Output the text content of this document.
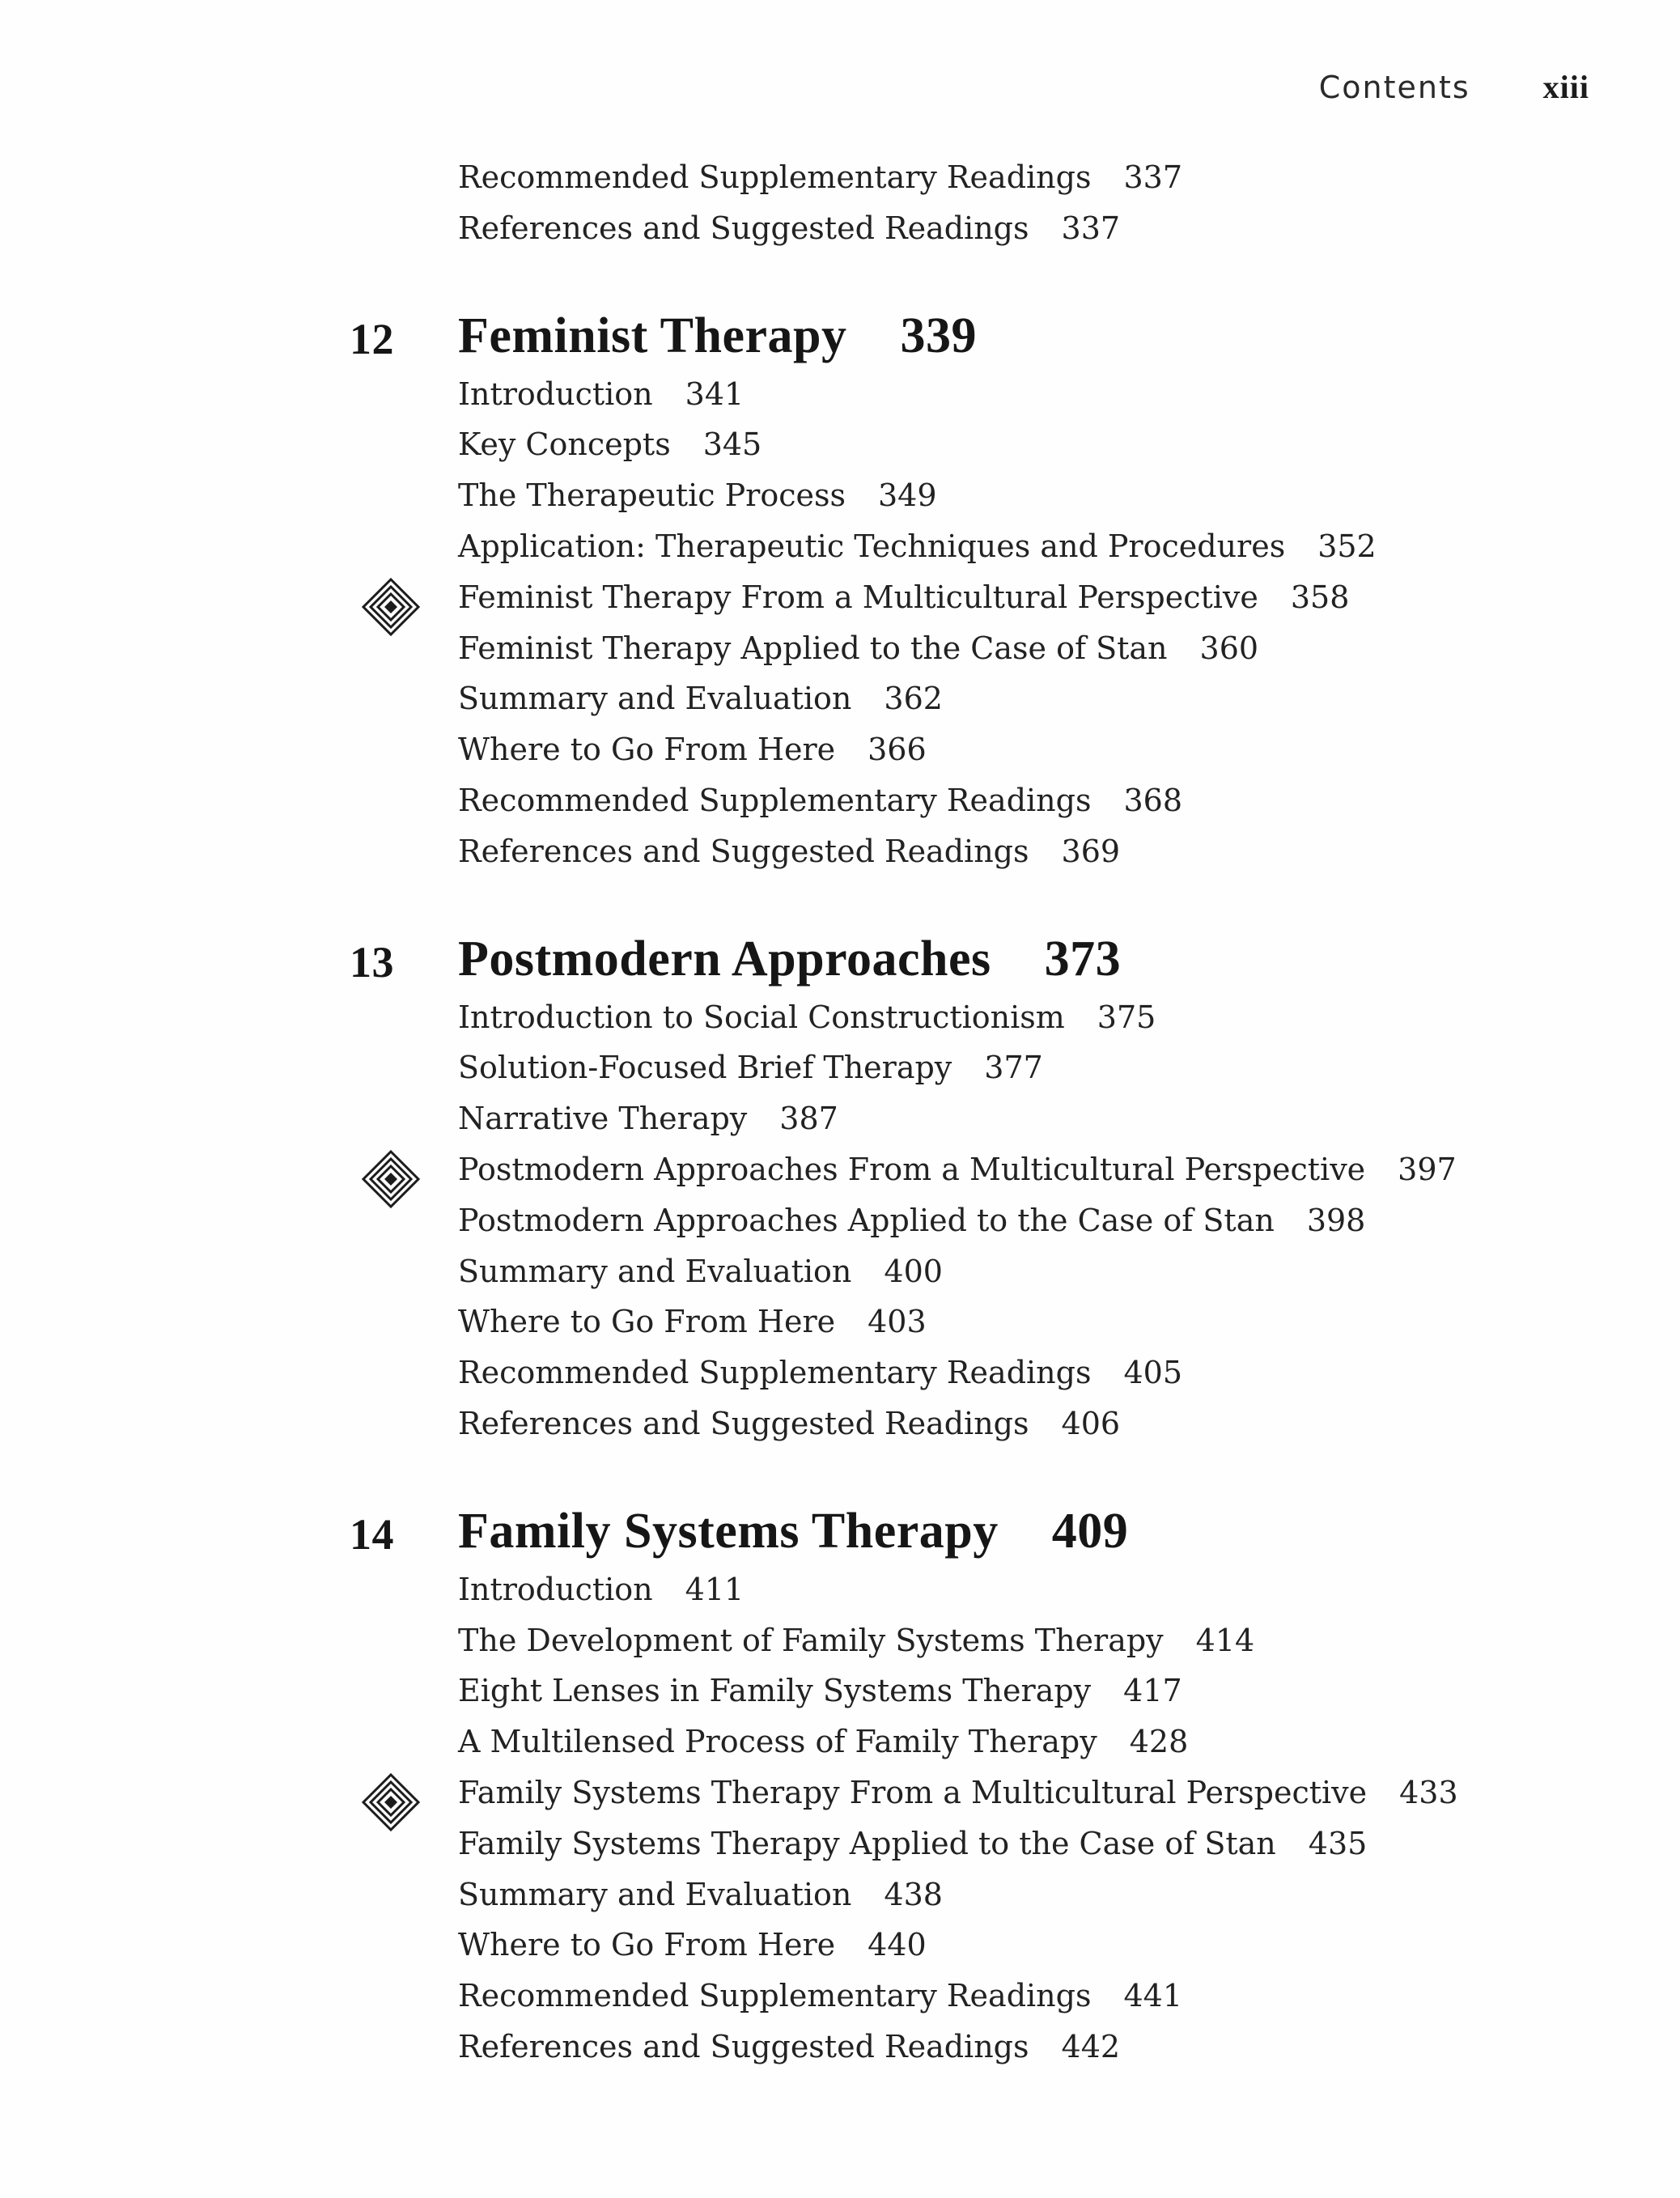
Contents xiii
Recommended Supplementary Readings 337
References and Suggested Readings 337
12 Feminist Therapy 339
Introduction 341
Key Concepts 345
The Therapeutic Process 349
Application: Therapeutic Techniques and Procedures 352
Feminist Therapy From a Multicultural Perspective 358
Feminist Therapy Applied to the Case of Stan 360
Summary and Evaluation 362
Where to Go From Here 366
Recommended Supplementary Readings 368
References and Suggested Readings 369
13 Postmodern Approaches 373
Introduction to Social Constructionism 375
Solution-Focused Brief Therapy 377
Narrative Therapy 387
Postmodern Approaches From a Multicultural Perspective 397
Postmodern Approaches Applied to the Case of Stan 398
Summary and Evaluation 400
Where to Go From Here 403
Recommended Supplementary Readings 405
References and Suggested Readings 406
14 Family Systems Therapy 409
Introduction 411
The Development of Family Systems Therapy 414
Eight Lenses in Family Systems Therapy 417
A Multilensed Process of Family Therapy 428
Family Systems Therapy From a Multicultural Perspective 433
Family Systems Therapy Applied to the Case of Stan 435
Summary and Evaluation 438
Where to Go From Here 440
Recommended Supplementary Readings 441
References and Suggested Readings 442
